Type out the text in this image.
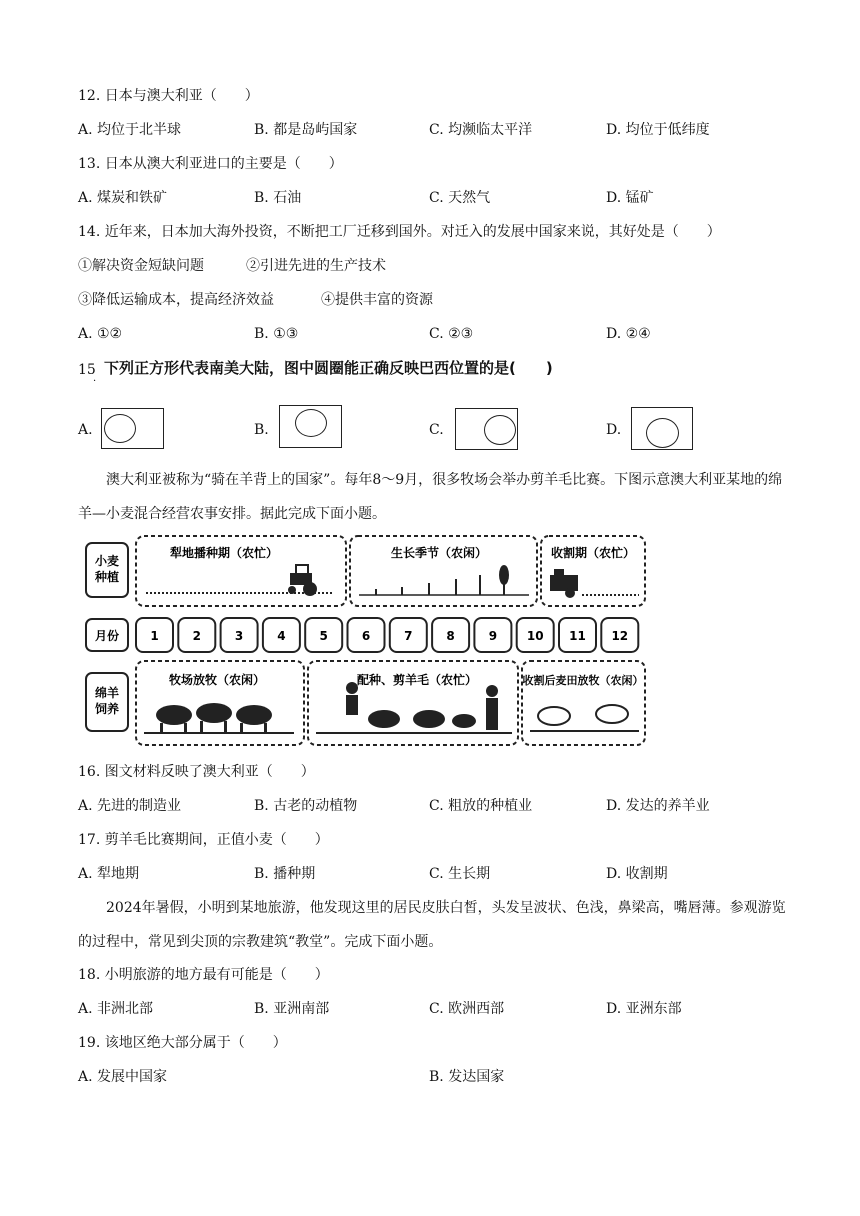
12. 日本与澳大利亚（　　）
A. 均位于北半球	B. 都是岛屿国家	C. 均濒临太平洋	D. 均位于低纬度
13. 日本从澳大利亚进口的主要是（　　）
A. 煤炭和铁矿	B. 石油	C. 天然气	D. 锰矿
14. 近年来，日本加大海外投资，不断把工厂迁移到国外。对迁入的发展中国家来说，其好处是（　　）
①解决资金短缺问题	②引进先进的生产技术
③降低运输成本，提高经济效益	④提供丰富的资源
A. ①②	B. ①③	C. ②③	D. ②④
15 下列正方形代表南美大陆，图中圆圈能正确反映巴西位置的是(　　)
·
A.	B.	C.	D.
澳大利亚被称为“骑在羊背上的国家”。每年8～9月，很多牧场会举办剪羊毛比赛。下图示意澳大利亚某地的绵羊—小麦混合经营农事安排。据此完成下面小题。
小麦种植
月份
绵羊饲养
犁地播种期（农忙）	生长季节（农闲）	收割期（农忙）
1	2	3	4	5	6	7	8	9 10 11 12
牧场放牧（农闲）	配种、剪羊毛（农忙）	收割后麦田放牧（农闲）
16. 图文材料反映了澳大利亚（　　）
A. 先进的制造业	B. 古老的动植物	C. 粗放的种植业	D. 发达的养羊业
17. 剪羊毛比赛期间，正值小麦（　　）
A. 犁地期	B. 播种期	C. 生长期	D. 收割期
2024年暑假，小明到某地旅游，他发现这里的居民皮肤白皙，头发呈波状、色浅，鼻梁高，嘴唇薄。参观游览的过程中，常见到尖顶的宗教建筑“教堂”。完成下面小题。
18. 小明旅游的地方最有可能是（　　）
A. 非洲北部	B. 亚洲南部	C. 欧洲西部	D. 亚洲东部
19. 该地区绝大部分属于（　　）
A. 发展中国家	B. 发达国家
